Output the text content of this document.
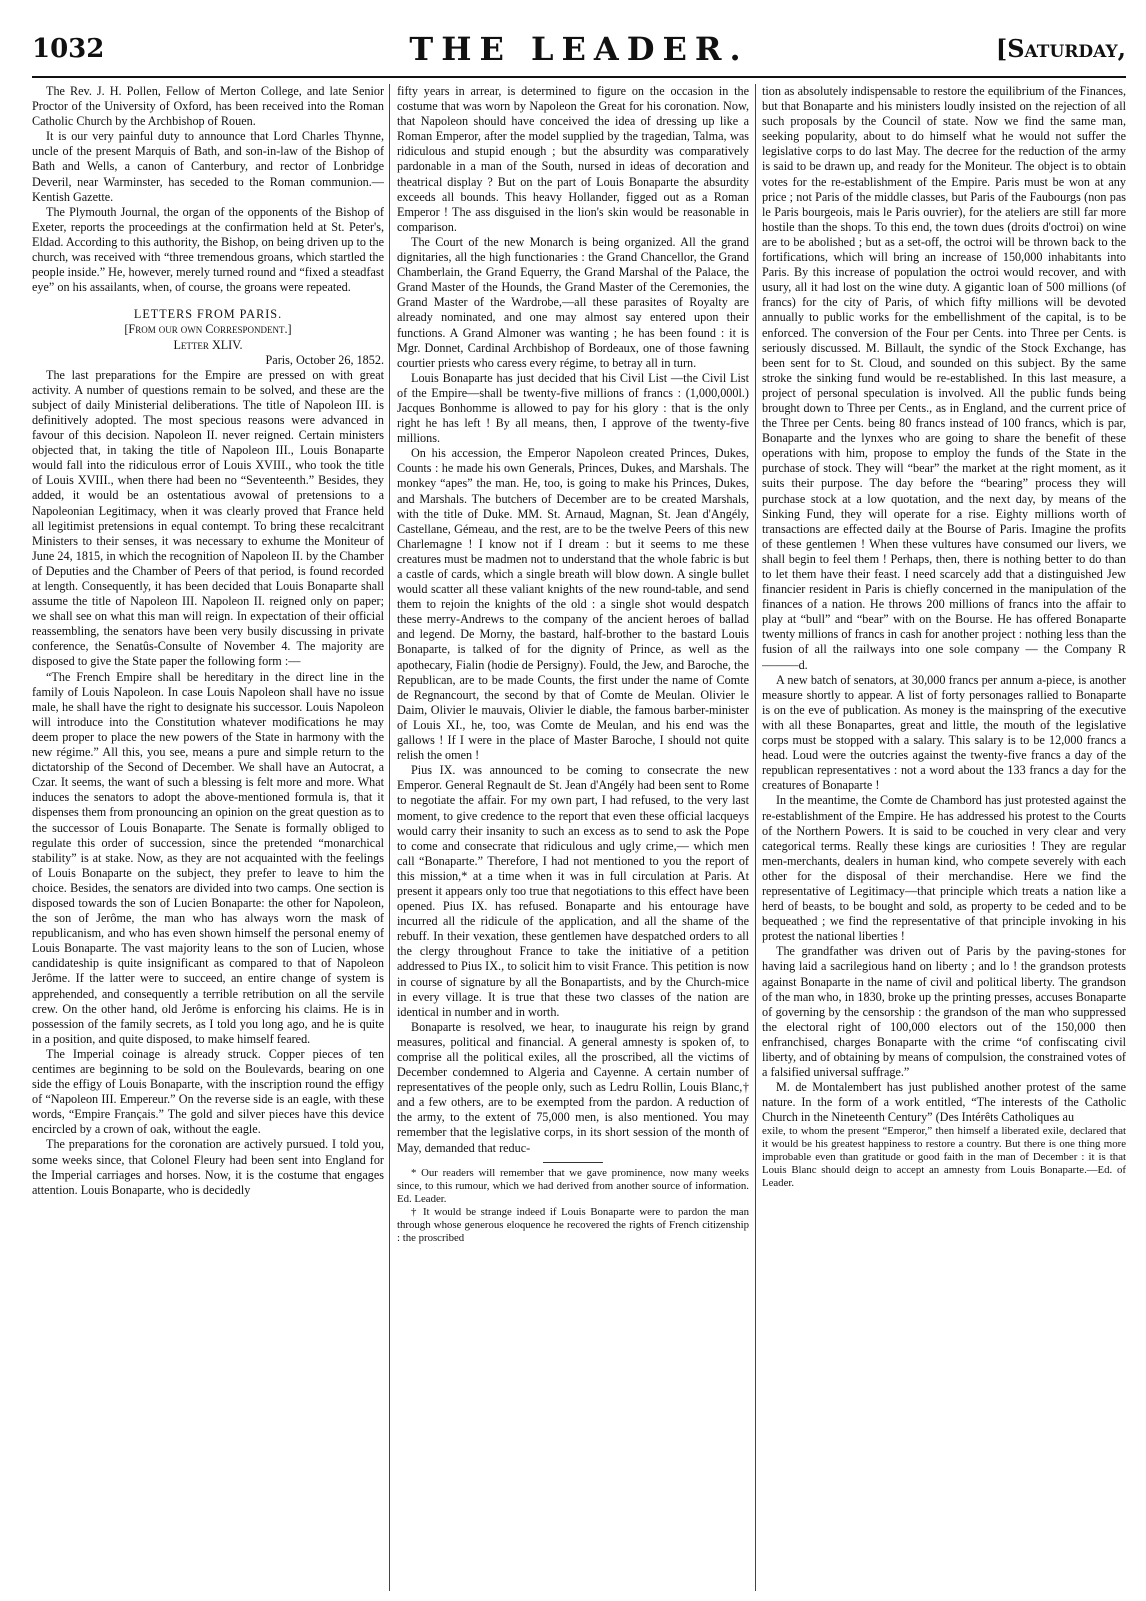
1032	THE LEADER.	[Saturday,

The Rev. J. H. Pollen, Fellow of Merton College, and late Senior Proctor of the University of Oxford, has been received into the Roman Catholic Church by the Archbishop of Rouen.

It is our very painful duty to announce that Lord Charles Thynne, uncle of the present Marquis of Bath, and son-in-law of the Bishop of Bath and Wells, a canon of Canterbury, and rector of Lonbridge Deveril, near Warminster, has seceded to the Roman communion.—Kentish Gazette.

The Plymouth Journal, the organ of the opponents of the Bishop of Exeter, reports the proceedings at the confirmation held at St. Peter's, Eldad. According to this authority, the Bishop, on being driven up to the church, was received with “three tremendous groans, which startled the people inside.” He, however, merely turned round and “fixed a steadfast eye” on his assailants, when, of course, the groans were repeated.

LETTERS FROM PARIS.

[From our own Correspondent.]

Letter XLIV.

Paris, October 26, 1852.

The last preparations for the Empire are pressed on with great activity. A number of questions remain to be solved, and these are the subject of daily Ministerial deliberations. The title of Napoleon III. is definitively adopted. The most specious reasons were advanced in favour of this decision. Napoleon II. never reigned. Certain ministers objected that, in taking the title of Napoleon III., Louis Bonaparte would fall into the ridiculous error of Louis XVIII., who took the title of Louis XVIII., when there had been no “Seventeenth.” Besides, they added, it would be an ostentatious avowal of pretensions to a Napoleonian Legitimacy, when it was clearly proved that France held all legitimist pretensions in equal contempt. To bring these recalcitrant Ministers to their senses, it was necessary to exhume the Moniteur of June 24, 1815, in which the recognition of Napoleon II. by the Chamber of Deputies and the Chamber of Peers of that period, is found recorded at length. Consequently, it has been decided that Louis Bonaparte shall assume the title of Napoleon III. Napoleon II. reigned only on paper; we shall see on what this man will reign. In expectation of their official reassembling, the senators have been very busily discussing in private conference, the Senatûs-Consulte of November 4. The majority are disposed to give the State paper the following form :—

“The French Empire shall be hereditary in the direct line in the family of Louis Napoleon. In case Louis Napoleon shall have no issue male, he shall have the right to designate his successor. Louis Napoleon will introduce into the Constitution whatever modifications he may deem proper to place the new powers of the State in harmony with the new régime.” All this, you see, means a pure and simple return to the dictatorship of the Second of December. We shall have an Autocrat, a Czar. It seems, the want of such a blessing is felt more and more. What induces the senators to adopt the above-mentioned formula is, that it dispenses them from pronouncing an opinion on the great question as to the successor of Louis Bonaparte. The Senate is formally obliged to regulate this order of succession, since the pretended “monarchical stability” is at stake. Now, as they are not acquainted with the feelings of Louis Bonaparte on the subject, they prefer to leave to him the choice. Besides, the senators are divided into two camps. One section is disposed towards the son of Lucien Bonaparte: the other for Napoleon, the son of Jerôme, the man who has always worn the mask of republicanism, and who has even shown himself the personal enemy of Louis Bonaparte. The vast majority leans to the son of Lucien, whose candidateship is quite insignificant as compared to that of Napoleon Jerôme. If the latter were to succeed, an entire change of system is apprehended, and consequently a terrible retribution on all the servile crew. On the other hand, old Jerôme is enforcing his claims. He is in possession of the family secrets, as I told you long ago, and he is quite in a position, and quite disposed, to make himself feared.

The Imperial coinage is already struck. Copper pieces of ten centimes are beginning to be sold on the Boulevards, bearing on one side the effigy of Louis Bonaparte, with the inscription round the effigy of “Napoleon III. Empereur.” On the reverse side is an eagle, with these words, “Empire Français.” The gold and silver pieces have this device encircled by a crown of oak, without the eagle.

The preparations for the coronation are actively pursued. I told you, some weeks since, that Colonel Fleury had been sent into England for the Imperial carriages and horses. Now, it is the costume that engages attention. Louis Bonaparte, who is decidedly

fifty years in arrear, is determined to figure on the occasion in the costume that was worn by Napoleon the Great for his coronation. Now, that Napoleon should have conceived the idea of dressing up like a Roman Emperor, after the model supplied by the tragedian, Talma, was ridiculous and stupid enough ; but the absurdity was comparatively pardonable in a man of the South, nursed in ideas of decoration and theatrical display ? But on the part of Louis Bonaparte the absurdity exceeds all bounds. This heavy Hollander, figged out as a Roman Emperor ! The ass disguised in the lion's skin would be reasonable in comparison.

The Court of the new Monarch is being organized. All the grand dignitaries, all the high functionaries : the Grand Chancellor, the Grand Chamberlain, the Grand Equerry, the Grand Marshal of the Palace, the Grand Master of the Hounds, the Grand Master of the Ceremonies, the Grand Master of the Wardrobe,—all these parasites of Royalty are already nominated, and one may almost say entered upon their functions. A Grand Almoner was wanting ; he has been found : it is Mgr. Donnet, Cardinal Archbishop of Bordeaux, one of those fawning courtier priests who caress every régime, to betray all in turn.

Louis Bonaparte has just decided that his Civil List —the Civil List of the Empire—shall be twenty-five millions of francs : (1,000,000l.) Jacques Bonhomme is allowed to pay for his glory : that is the only right he has left ! By all means, then, I approve of the twenty-five millions.

On his accession, the Emperor Napoleon created Princes, Dukes, Counts : he made his own Generals, Princes, Dukes, and Marshals. The monkey “apes” the man. He, too, is going to make his Princes, Dukes, and Marshals. The butchers of December are to be created Marshals, with the title of Duke. MM. St. Arnaud, Magnan, St. Jean d'Angély, Castellane, Gémeau, and the rest, are to be the twelve Peers of this new Charlemagne ! I know not if I dream : but it seems to me these creatures must be madmen not to understand that the whole fabric is but a castle of cards, which a single breath will blow down. A single bullet would scatter all these valiant knights of the new round-table, and send them to rejoin the knights of the old : a single shot would despatch these merry-Andrews to the company of the ancient heroes of ballad and legend. De Morny, the bastard, half-brother to the bastard Louis Bonaparte, is talked of for the dignity of Prince, as well as the apothecary, Fialin (hodie de Persigny). Fould, the Jew, and Baroche, the Republican, are to be made Counts, the first under the name of Comte de Regnancourt, the second by that of Comte de Meulan. Olivier le Daim, Olivier le mauvais, Olivier le diable, the famous barber-minister of Louis XI., he, too, was Comte de Meulan, and his end was the gallows ! If I were in the place of Master Baroche, I should not quite relish the omen !

Pius IX. was announced to be coming to consecrate the new Emperor. General Regnault de St. Jean d'Angély had been sent to Rome to negotiate the affair. For my own part, I had refused, to the very last moment, to give credence to the report that even these official lacqueys would carry their insanity to such an excess as to send to ask the Pope to come and consecrate that ridiculous and ugly crime,— which men call “Bonaparte.” Therefore, I had not mentioned to you the report of this mission,* at a time when it was in full circulation at Paris. At present it appears only too true that negotiations to this effect have been opened. Pius IX. has refused. Bonaparte and his entourage have incurred all the ridicule of the application, and all the shame of the rebuff. In their vexation, these gentlemen have despatched orders to all the clergy throughout France to take the initiative of a petition addressed to Pius IX., to solicit him to visit France. This petition is now in course of signature by all the Bonapartists, and by the Church-mice in every village. It is true that these two classes of the nation are identical in number and in worth.

Bonaparte is resolved, we hear, to inaugurate his reign by grand measures, political and financial. A general amnesty is spoken of, to comprise all the political exiles, all the proscribed, all the victims of December condemned to Algeria and Cayenne. A certain number of representatives of the people only, such as Ledru Rollin, Louis Blanc,† and a few others, are to be exempted from the pardon. A reduction of the army, to the extent of 75,000 men, is also mentioned. You may remember that the legislative corps, in its short session of the month of May, demanded that reduc-

* Our readers will remember that we gave prominence, now many weeks since, to this rumour, which we had derived from another source of information. Ed. Leader.

† It would be strange indeed if Louis Bonaparte were to pardon the man through whose generous eloquence he recovered the rights of French citizenship : the proscribed

tion as absolutely indispensable to restore the equilibrium of the Finances, but that Bonaparte and his ministers loudly insisted on the rejection of all such proposals by the Council of state. Now we find the same man, seeking popularity, about to do himself what he would not suffer the legislative corps to do last May. The decree for the reduction of the army is said to be drawn up, and ready for the Moniteur. The object is to obtain votes for the re-establishment of the Empire. Paris must be won at any price ; not Paris of the middle classes, but Paris of the Faubourgs (non pas le Paris bourgeois, mais le Paris ouvrier), for the ateliers are still far more hostile than the shops. To this end, the town dues (droits d'octroi) on wine are to be abolished ; but as a set-off, the octroi will be thrown back to the fortifications, which will bring an increase of 150,000 inhabitants into Paris. By this increase of population the octroi would recover, and with usury, all it had lost on the wine duty. A gigantic loan of 500 millions (of francs) for the city of Paris, of which fifty millions will be devoted annually to public works for the embellishment of the capital, is to be enforced. The conversion of the Four per Cents. into Three per Cents. is seriously discussed. M. Billault, the syndic of the Stock Exchange, has been sent for to St. Cloud, and sounded on this subject. By the same stroke the sinking fund would be re-established. In this last measure, a project of personal speculation is involved. All the public funds being brought down to Three per Cents., as in England, and the current price of the Three per Cents. being 80 francs instead of 100 francs, which is par, Bonaparte and the lynxes who are going to share the benefit of these operations with him, propose to employ the funds of the State in the purchase of stock. They will “bear” the market at the right moment, as it suits their purpose. The day before the “bearing” process they will purchase stock at a low quotation, and the next day, by means of the Sinking Fund, they will operate for a rise. Eighty millions worth of transactions are effected daily at the Bourse of Paris. Imagine the profits of these gentlemen ! When these vultures have consumed our livers, we shall begin to feel them ! Perhaps, then, there is nothing better to do than to let them have their feast. I need scarcely add that a distinguished Jew financier resident in Paris is chiefly concerned in the manipulation of the finances of a nation. He throws 200 millions of francs into the affair to play at “bull” and “bear” with on the Bourse. He has offered Bonaparte twenty millions of francs in cash for another project : nothing less than the fusion of all the railways into one sole company — the Company R———d.

A new batch of senators, at 30,000 francs per annum a-piece, is another measure shortly to appear. A list of forty personages rallied to Bonaparte is on the eve of publication. As money is the mainspring of the executive with all these Bonapartes, great and little, the mouth of the legislative corps must be stopped with a salary. This salary is to be 12,000 francs a head. Loud were the outcries against the twenty-five francs a day of the republican representatives : not a word about the 133 francs a day for the creatures of Bonaparte !

In the meantime, the Comte de Chambord has just protested against the re-establishment of the Empire. He has addressed his protest to the Courts of the Northern Powers. It is said to be couched in very clear and very categorical terms. Really these kings are curiosities ! They are regular men-merchants, dealers in human kind, who compete severely with each other for the disposal of their merchandise. Here we find the representative of Legitimacy—that principle which treats a nation like a herd of beasts, to be bought and sold, as property to be ceded and to be bequeathed ; we find the representative of that principle invoking in his protest the national liberties !

The grandfather was driven out of Paris by the paving-stones for having laid a sacrilegious hand on liberty ; and lo ! the grandson protests against Bonaparte in the name of civil and political liberty. The grandson of the man who, in 1830, broke up the printing presses, accuses Bonaparte of governing by the censorship : the grandson of the man who suppressed the electoral right of 100,000 electors out of the 150,000 then enfranchised, charges Bonaparte with the crime “of confiscating civil liberty, and of obtaining by means of compulsion, the constrained votes of a falsified universal suffrage.”

M. de Montalembert has just published another protest of the same nature. In the form of a work entitled, “The interests of the Catholic Church in the Nineteenth Century” (Des Intérêts Catholiques au

exile, to whom the present “Emperor,” then himself a liberated exile, declared that it would be his greatest happiness to restore a country. But there is one thing more improbable even than gratitude or good faith in the man of December : it is that Louis Blanc should deign to accept an amnesty from Louis Bonaparte.—Ed. of Leader.
